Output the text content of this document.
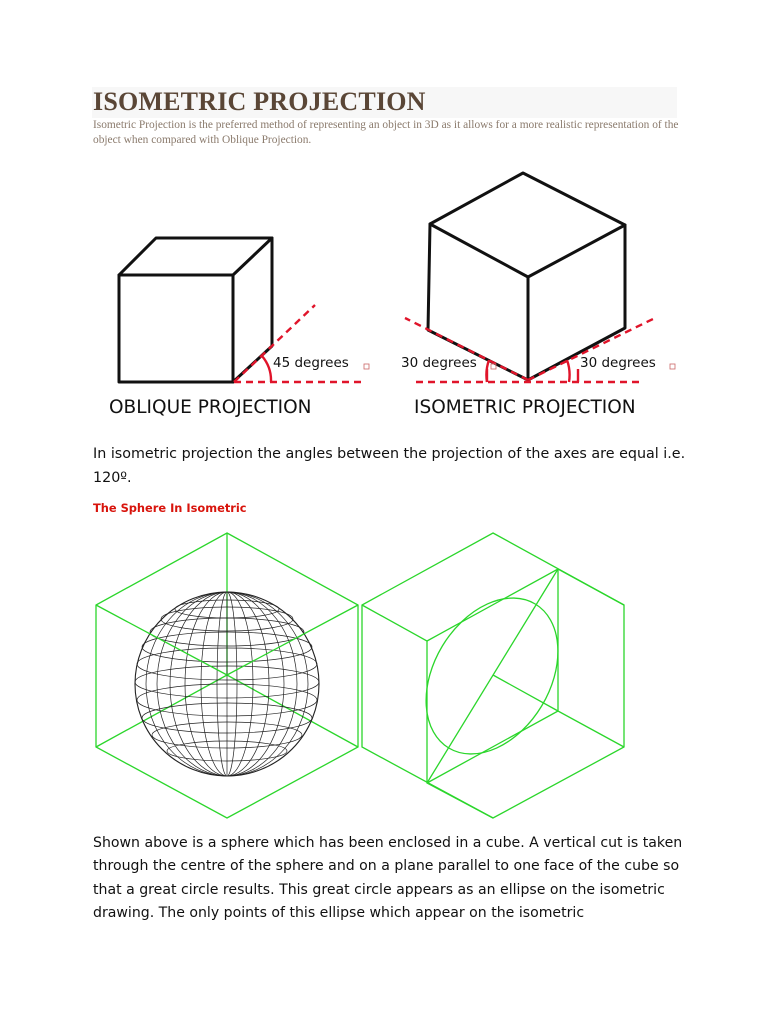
ISOMETRIC PROJECTION

Isometric Projection is the preferred method of representing an object in 3D as it allows for a more realistic representation of the object when compared with Oblique Projection.

45 degrees	30 degrees	30 degrees
OBLIQUE PROJECTION	ISOMETRIC PROJECTION

In isometric projection the angles between the projection of the axes are equal i.e. 120º.

The Sphere In Isometric

Shown above is a sphere which has been enclosed in a cube. A vertical cut is taken through the centre of the sphere and on a plane parallel to one face of the cube so that a great circle results. This great circle appears as an ellipse on the isometric drawing. The only points of this ellipse which appear on the isometric
